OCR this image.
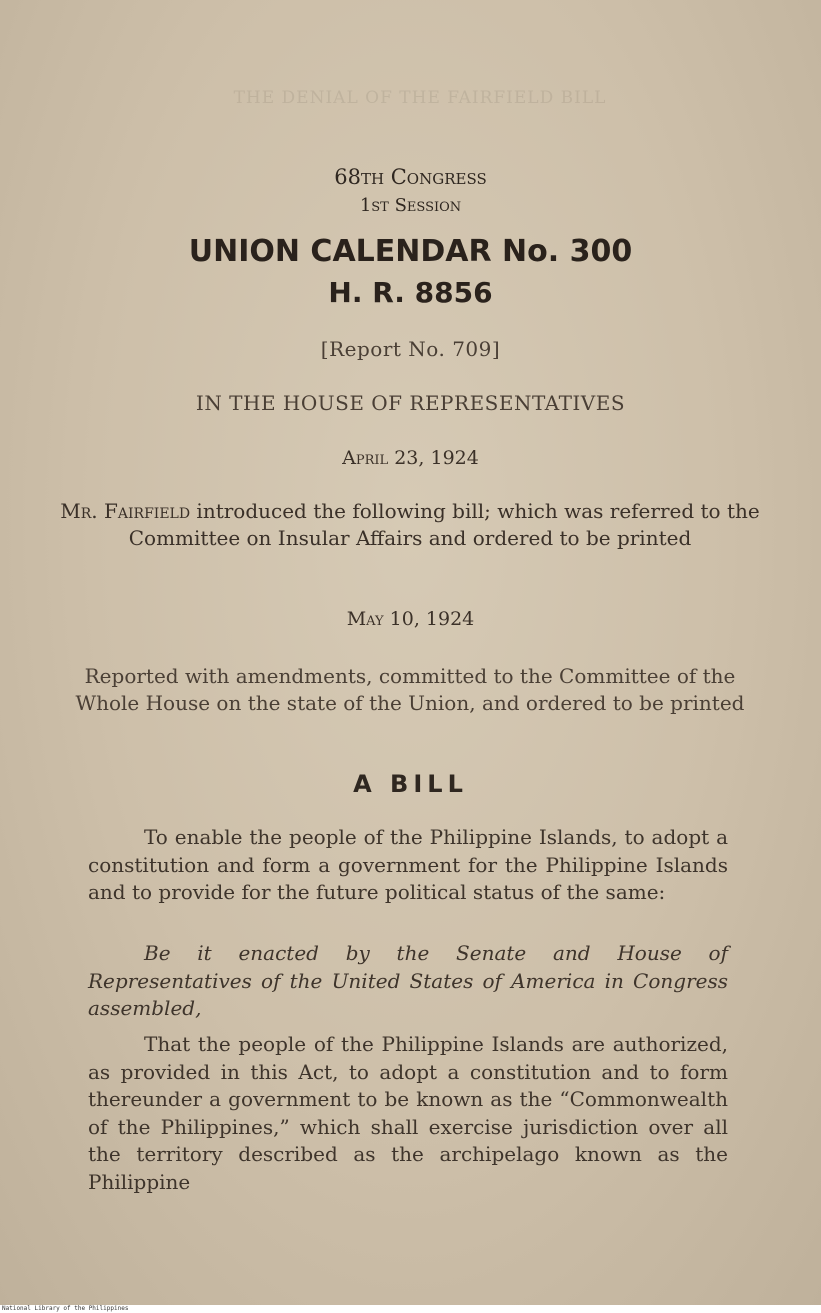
THE DENIAL OF THE FAIRFIELD BILL
68th Congress
1st Session
UNION CALENDAR No. 300
H. R. 8856
[Report No. 709]
IN THE HOUSE OF REPRESENTATIVES
April 23, 1924
Mr. Fairfield introduced the following bill; which was referred to the Committee on Insular Affairs and ordered to be printed
May 10, 1924
Reported with amendments, committed to the Committee of the Whole House on the state of the Union, and ordered to be printed
A BILL
To enable the people of the Philippine Islands, to adopt a constitution and form a government for the Philippine Islands and to provide for the future political status of the same:
Be it enacted by the Senate and House of Representatives of the United States of America in Congress assembled,
That the people of the Philippine Islands are authorized, as provided in this Act, to adopt a constitution and to form thereunder a government to be known as the “Commonwealth of the Philippines,” which shall exercise jurisdiction over all the territory described as the archipelago known as the Philippine
National Library of the Philippines
